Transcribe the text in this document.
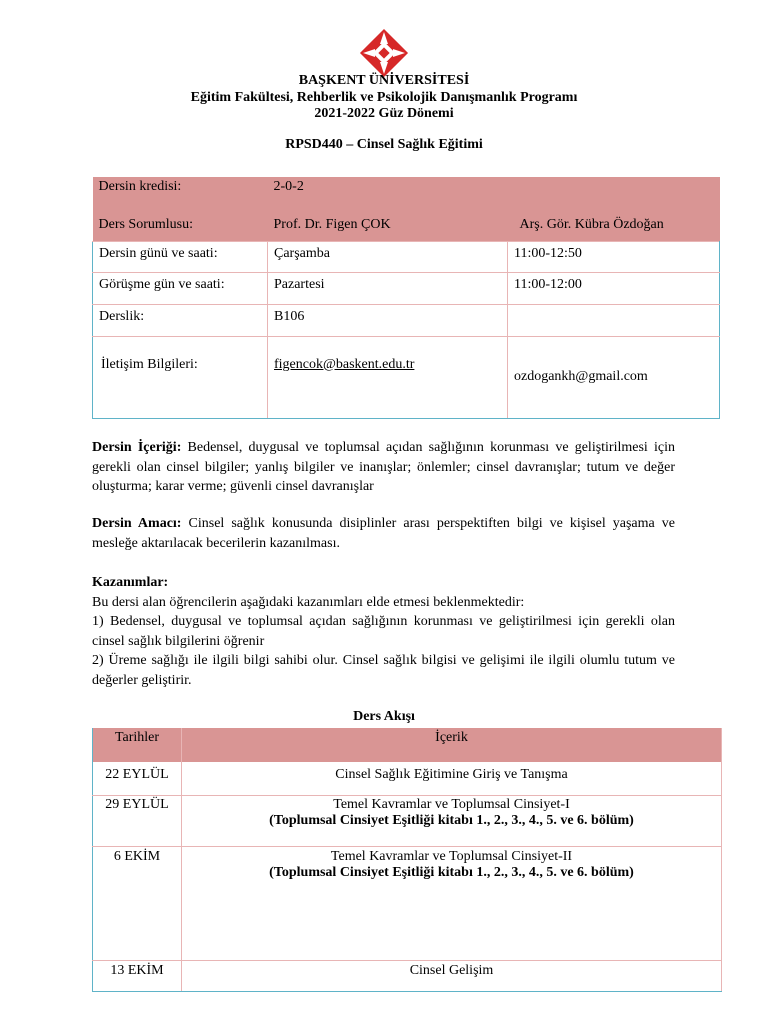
BAŞKENT ÜNİVERSİTESİ
Eğitim Fakültesi, Rehberlik ve Psikolojik Danışmanlık Programı
2021-2022 Güz Dönemi
RPSD440 – Cinsel Sağlık Eğitimi
Dersin kredisi:	2-0-2	
Ders Sorumlusu:	Prof. Dr. Figen ÇOK	Arş. Gör. Kübra Özdoğan
Dersin günü ve saati:	Çarşamba	11:00-12:50
Görüşme gün ve saati:	Pazartesi	11:00-12:00
Derslik:	B106	
İletişim Bilgileri:	figencok@baskent.edu.tr	ozdogankh@gmail.com
Dersin İçeriği: Bedensel, duygusal ve toplumsal açıdan sağlığının korunması ve geliştirilmesi için gerekli olan cinsel bilgiler; yanlış bilgiler ve inanışlar; önlemler; cinsel davranışlar; tutum ve değer oluşturma; karar verme; güvenli cinsel davranışlar
Dersin Amacı: Cinsel sağlık konusunda disiplinler arası perspektiften bilgi ve kişisel yaşama ve mesleğe aktarılacak becerilerin kazanılması.
Kazanımlar:
Bu dersi alan öğrencilerin aşağıdaki kazanımları elde etmesi beklenmektedir:
1) Bedensel, duygusal ve toplumsal açıdan sağlığının korunması ve geliştirilmesi için gerekli olan cinsel sağlık bilgilerini öğrenir
2) Üreme sağlığı ile ilgili bilgi sahibi olur. Cinsel sağlık bilgisi ve gelişimi ile ilgili olumlu tutum ve değerler geliştirir.
Ders Akışı
Tarihler	İçerik
22 EYLÜL	Cinsel Sağlık Eğitimine Giriş ve Tanışma
29 EYLÜL	Temel Kavramlar ve Toplumsal Cinsiyet-I
(Toplumsal Cinsiyet Eşitliği kitabı 1., 2., 3., 4., 5. ve 6. bölüm)

6 EKİM	Temel Kavramlar ve Toplumsal Cinsiyet-II
(Toplumsal Cinsiyet Eşitliği kitabı 1., 2., 3., 4., 5. ve 6. bölüm)

13 EKİM	Cinsel Gelişim
